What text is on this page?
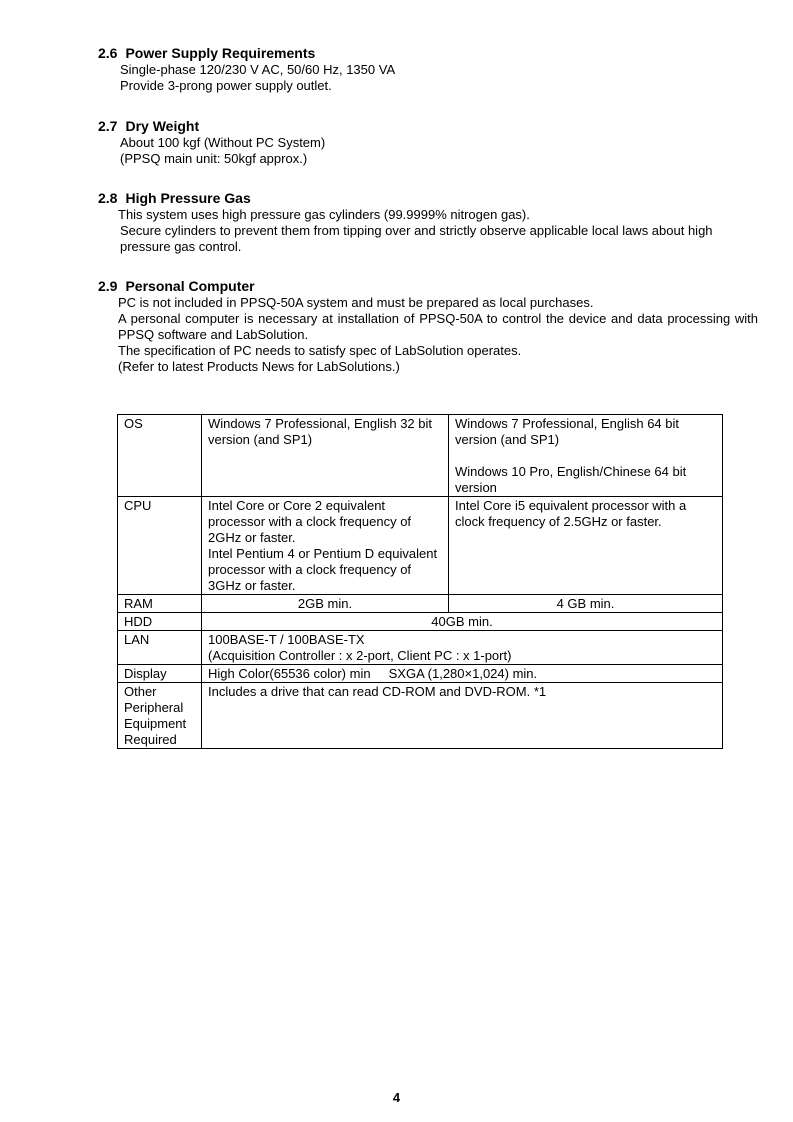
2.6 Power Supply Requirements

Single-phase 120/230 V AC, 50/60 Hz, 1350 VA

Provide 3-prong power supply outlet.

2.7 Dry Weight

About 100 kgf (Without PC System)

(PPSQ main unit: 50kgf approx.)

2.8 High Pressure Gas

This system uses high pressure gas cylinders (99.9999% nitrogen gas).

Secure cylinders to prevent them from tipping over and strictly observe applicable local laws about high pressure gas control.

2.9 Personal Computer

PC is not included in PPSQ-50A system and must be prepared as local purchases.

A personal computer is necessary at installation of PPSQ-50A to control the device and data processing with PPSQ software and LabSolution.

The specification of PC needs to satisfy spec of LabSolution operates.

(Refer to latest Products News for LabSolutions.)

OS	Windows 7 Professional, English 32 bit version (and SP1)	Windows 7 Professional, English 64 bit version (and SP1)
Windows 10 Pro, English/Chinese 64 bit version

CPU	Intel Core or Core 2 equivalent processor with a clock frequency of 2GHz or faster.
Intel Pentium 4 or Pentium D equivalent processor with a clock frequency of 3GHz or faster.	Intel Core i5 equivalent processor with a clock frequency of 2.5GHz or faster.
RAM	2GB min.	4 GB min.
HDD	40GB min.	
LAN	100BASE-T / 100BASE-TX
(Acquisition Controller : x 2-port, Client PC : x 1-port)	

Display	High Color(65536 color) min     SXGA (1,280×1,024) min.	

Other
Peripheral
Equipment
Required	Includes a drive that can read CD-ROM and DVD-ROM. *1	
4
